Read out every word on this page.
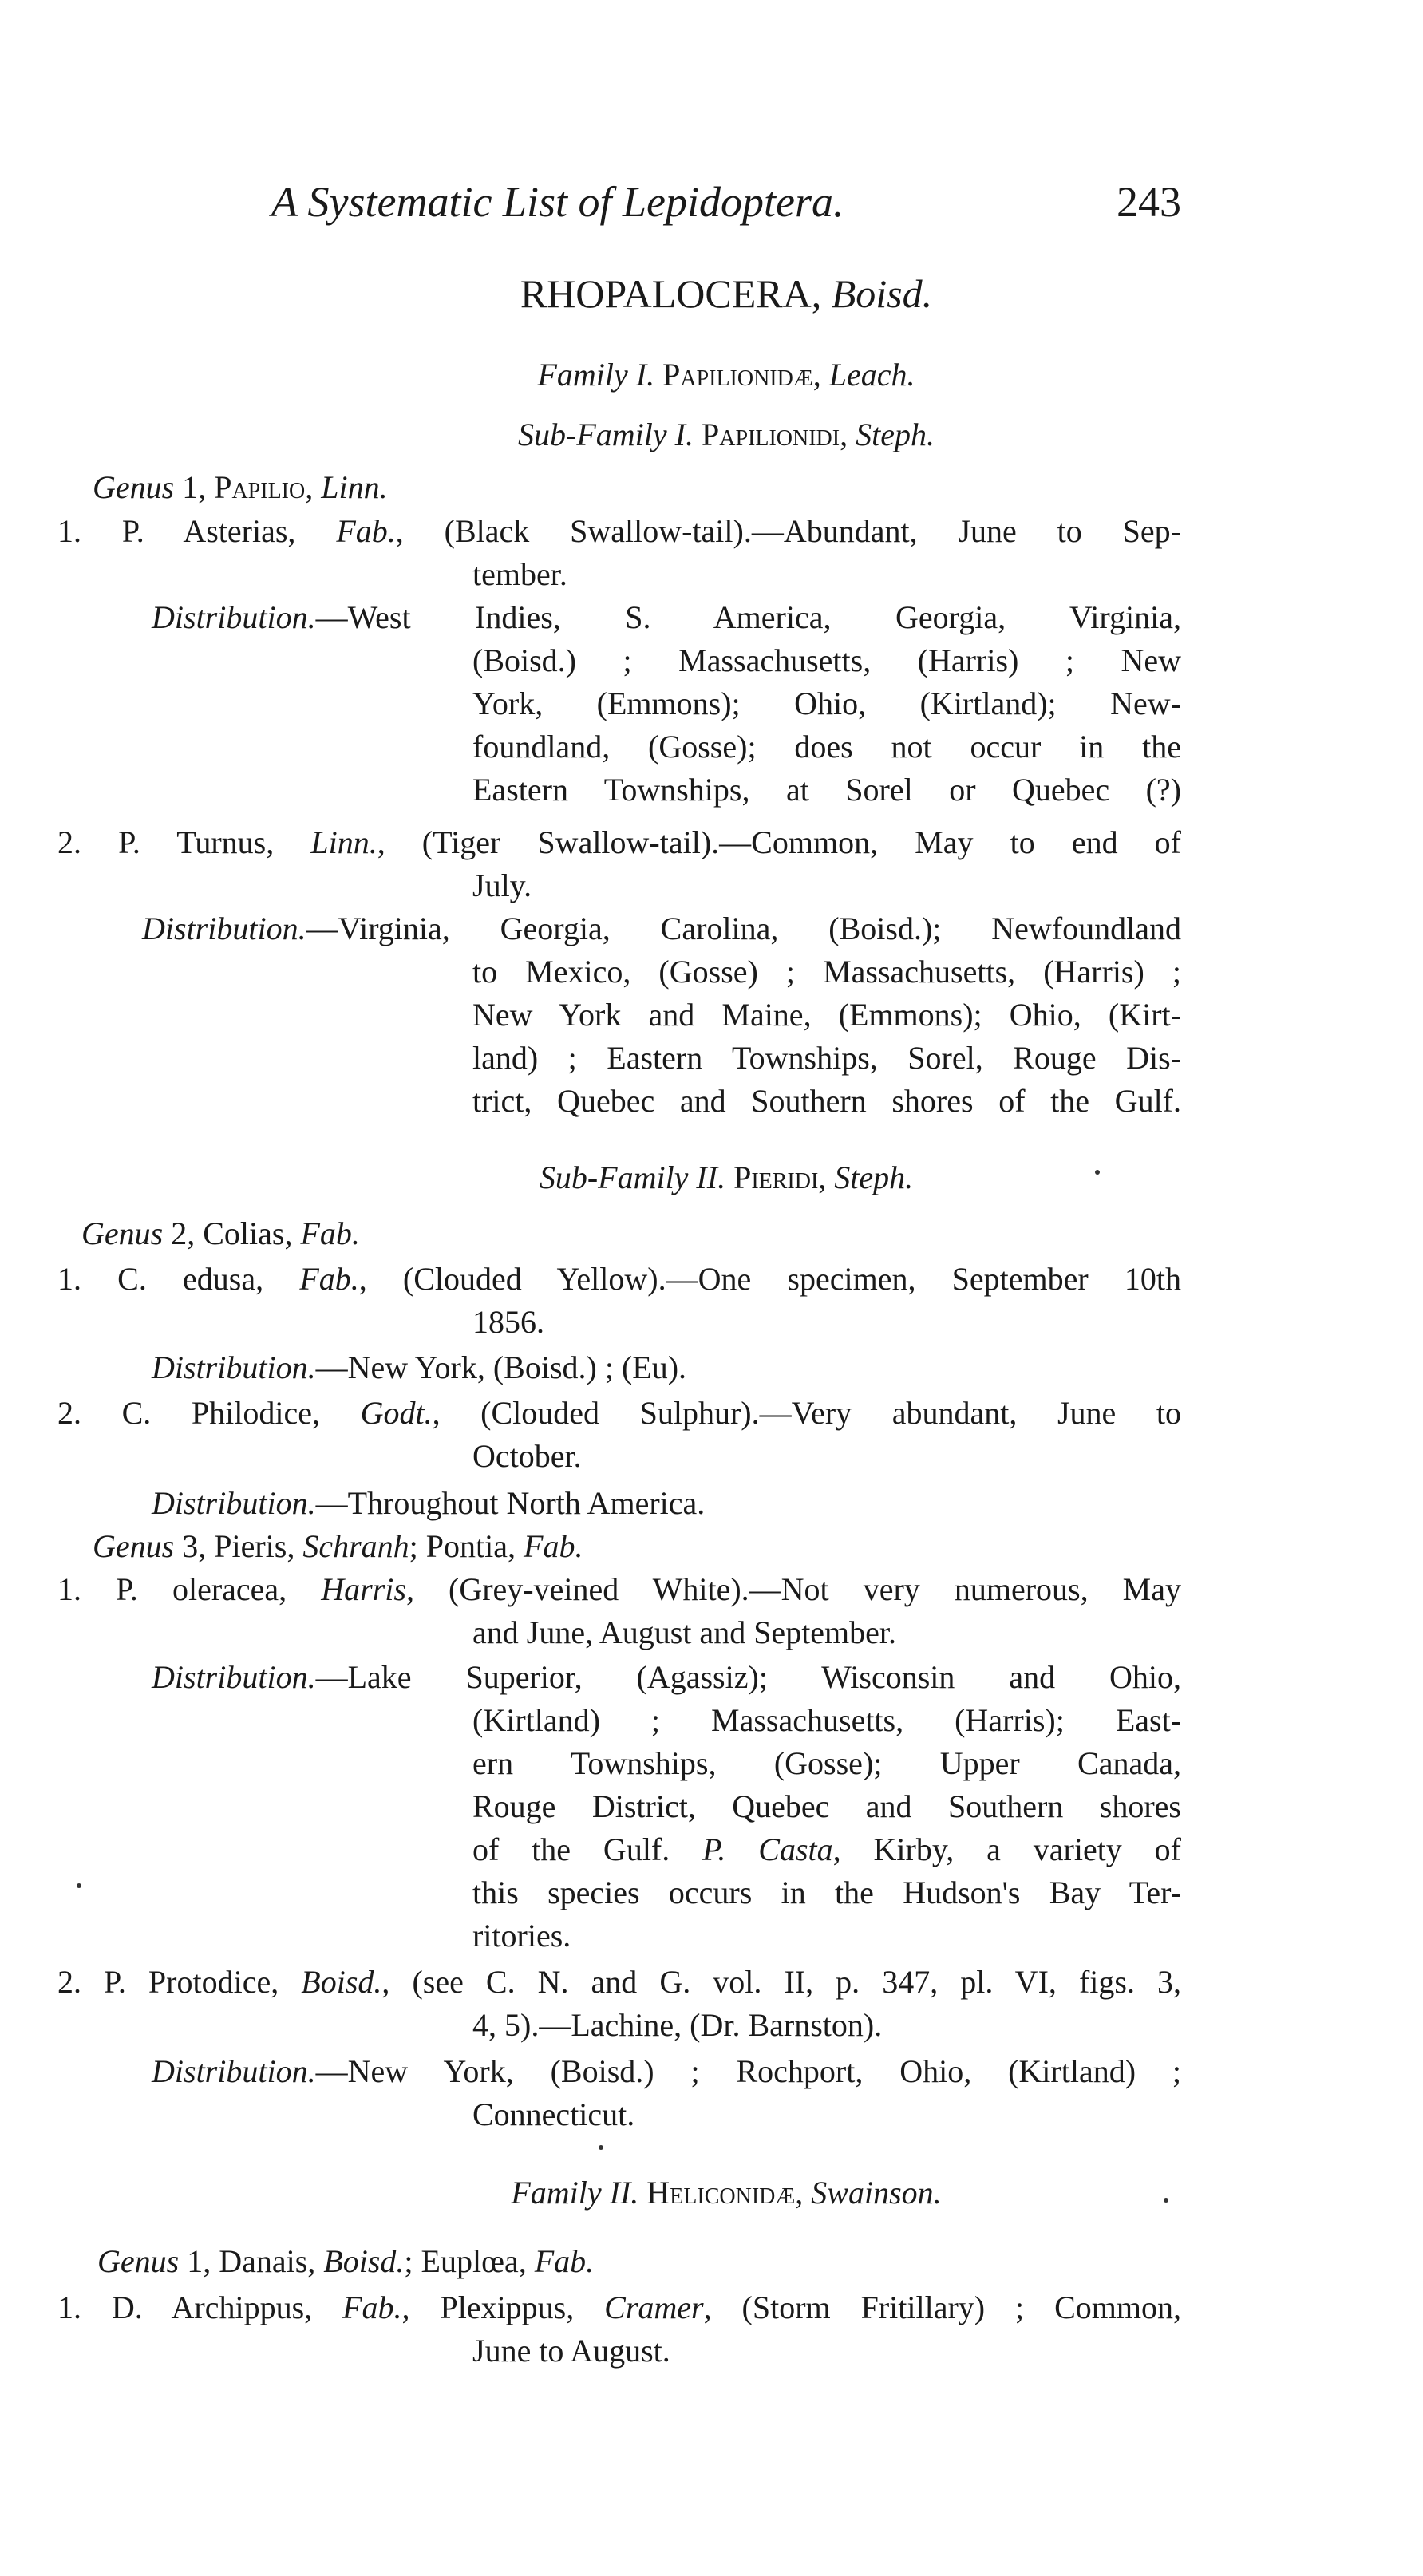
A Systematic List of Lepidoptera.	243
RHOPALOCERA, Boisd.
Family I. Papilionidæ, Leach.
Sub-Family I. Papilionidi, Steph.
Genus 1, Papilio, Linn.
1. P. Asterias, Fab., (Black Swallow-tail).—Abundant, June to Sep-
tember.
Distribution.—West Indies, S. America, Georgia, Virginia,
(Boisd.) ; Massachusetts, (Harris) ; New
York, (Emmons); Ohio, (Kirtland); New-
foundland, (Gosse); does not occur in the
Eastern Townships, at Sorel or Quebec (?)
2. P. Turnus, Linn., (Tiger Swallow-tail).—Common, May to end of
July.
Distribution.—Virginia, Georgia, Carolina, (Boisd.); Newfoundland
to Mexico, (Gosse) ; Massachusetts, (Harris) ;
New York and Maine, (Emmons); Ohio, (Kirt-
land) ; Eastern Townships, Sorel, Rouge Dis-
trict, Quebec and Southern shores of the Gulf.
Sub-Family II. Pieridi, Steph.
Genus 2, Colias, Fab.
1. C. edusa, Fab., (Clouded Yellow).—One specimen, September 10th
1856.
Distribution.—New York, (Boisd.) ; (Eu).
2. C. Philodice, Godt., (Clouded Sulphur).—Very abundant, June to
October.
Distribution.—Throughout North America.
Genus 3, Pieris, Schranh; Pontia, Fab.
1. P. oleracea, Harris, (Grey-veined White).—Not very numerous, May
and June, August and September.
Distribution.—Lake Superior, (Agassiz); Wisconsin and Ohio,
(Kirtland) ; Massachusetts, (Harris); East-
ern Townships, (Gosse); Upper Canada,
Rouge District, Quebec and Southern shores
of the Gulf. P. Casta, Kirby, a variety of
this species occurs in the Hudson's Bay Ter-
ritories.
2. P. Protodice, Boisd., (see C. N. and G. vol. II, p. 347, pl. VI, figs. 3,
4, 5).—Lachine, (Dr. Barnston).
Distribution.—New York, (Boisd.) ; Rochport, Ohio, (Kirtland) ;
Connecticut.
Family II. Heliconidæ, Swainson.
Genus 1, Danais, Boisd.; Euplœa, Fab.
1. D. Archippus, Fab., Plexippus, Cramer, (Storm Fritillary) ; Common,
June to August.
